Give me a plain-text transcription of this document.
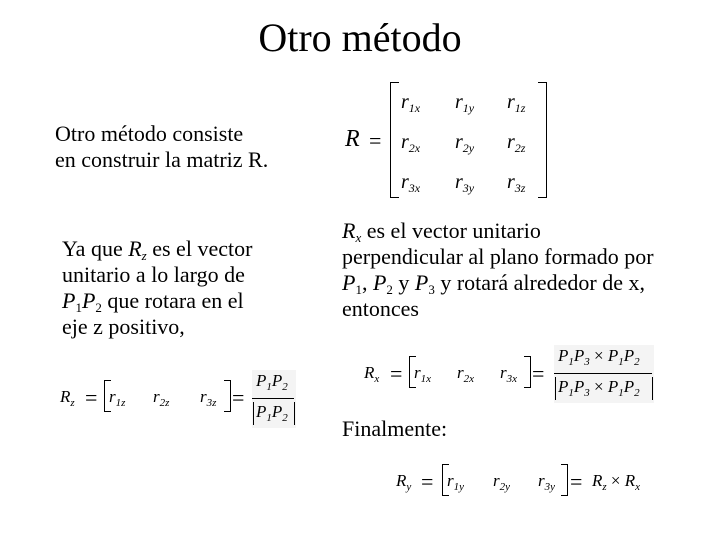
Otro método
Otro método consiste
en construir la matriz R.
R =
$r_{1x}$ $r_{1y}$ $r_{1z}$
$r_{2x}$ $r_{2y}$ $r_{2z}$
$r_{3x}$ $r_{3y}$ $r_{3z}$
Ya que $R_z$ es el vector
unitario a lo largo de
$P_1P_2$ que rotara en el
eje z positivo,
$R_x$ es el vector unitario
perpendicular al plano formado por
$P_1$, $P_2$ y $P_3$ y rotará alrededor de x,
entonces
$R_z = r_{1z}$ $r_{2z}$ $r_{3z}$ =
$P_1P_2$
$P_1P_2$
$R_x = r_{1x}$ $r_{2x}$ $r_{3x}$ =
$P_1P_3 \times P_1P_2$
$P_1P_3 \times P_1P_2$
Finalmente:
$R_y = r_{1y}$ $r_{2y}$ $r_{3y} = R_z \times R_x$
